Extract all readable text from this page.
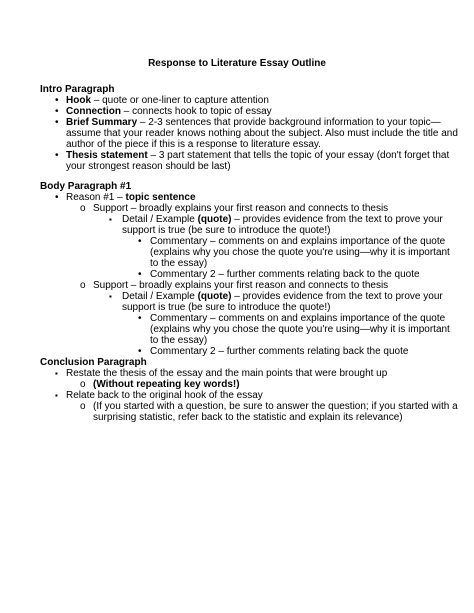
Response to Literature Essay Outline
Intro Paragraph
• Hook – quote or one-liner to capture attention
• Connection – connects hook to topic of essay
• Brief Summary – 2-3 sentences that provide background information to your topic—
assume that your reader knows nothing about the subject. Also must include the title and
author of the piece if this is a response to literature essay.
• Thesis statement – 3 part statement that tells the topic of your essay (don't forget that
your strongest reason should be last)
Body Paragraph #1
• Reason #1 – topic sentence
o Support – broadly explains your first reason and connects to thesis
▪ Detail / Example (quote) – provides evidence from the text to prove your
support is true (be sure to introduce the quote!)
• Commentary – comments on and explains importance of the quote
(explains why you chose the quote you're using—why it is important
to the essay)
• Commentary 2 – further comments relating back to the quote
o Support – broadly explains your first reason and connects to thesis
▪ Detail / Example (quote) – provides evidence from the text to prove your
support is true (be sure to introduce the quote!)
• Commentary – comments on and explains importance of the quote
(explains why you chose the quote you're using—why it is important
to the essay)
• Commentary 2 – further comments relating back the quote
Conclusion Paragraph
▪ Restate the thesis of the essay and the main points that were brought up
o (Without repeating key words!)
▪ Relate back to the original hook of the essay
o (If you started with a question, be sure to answer the question; if you started with a
surprising statistic, refer back to the statistic and explain its relevance)
